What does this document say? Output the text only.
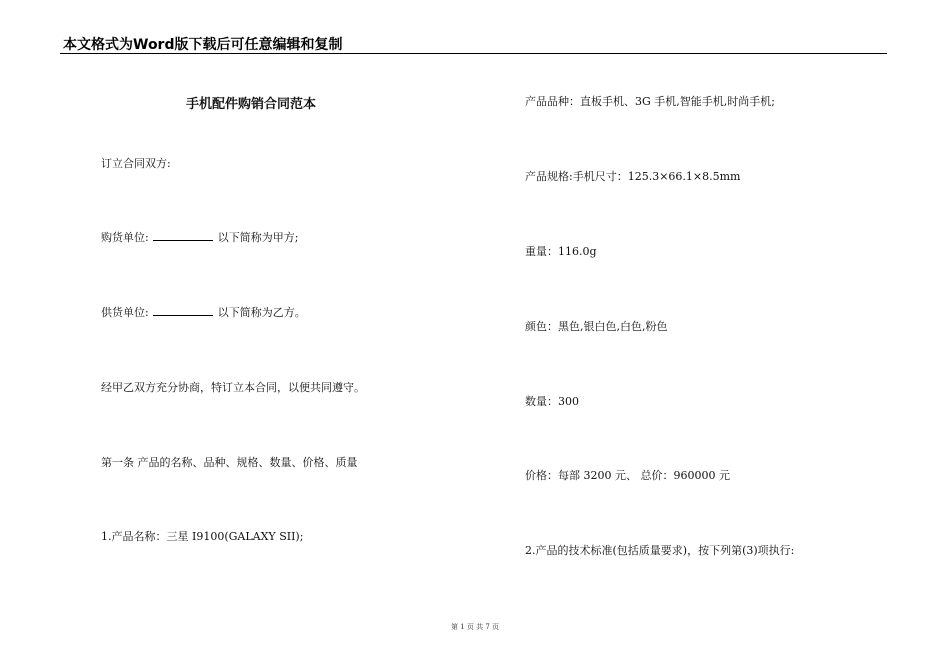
本文格式为Word版下载后可任意编辑和复制
手机配件购销合同范本
订立合同双方:
购货单位:	以下简称为甲方;
供货单位:	以下简称为乙方。
经甲乙双方充分协商，特订立本合同，以便共同遵守。
第一条 产品的名称、品种、规格、数量、价格、质量
1.产品名称：三星 I9100(GALAXY SII);
产品品种：直板手机、3G 手机,智能手机,时尚手机;
产品规格:手机尺寸：125.3×66.1×8.5mm
重量：116.0g
颜色：黑色,银白色,白色,粉色
数量：300
价格：每部 3200 元、 总价：960000 元
2.产品的技术标准(包括质量要求)，按下列第(3)项执行:
第 1 页 共 7 页
